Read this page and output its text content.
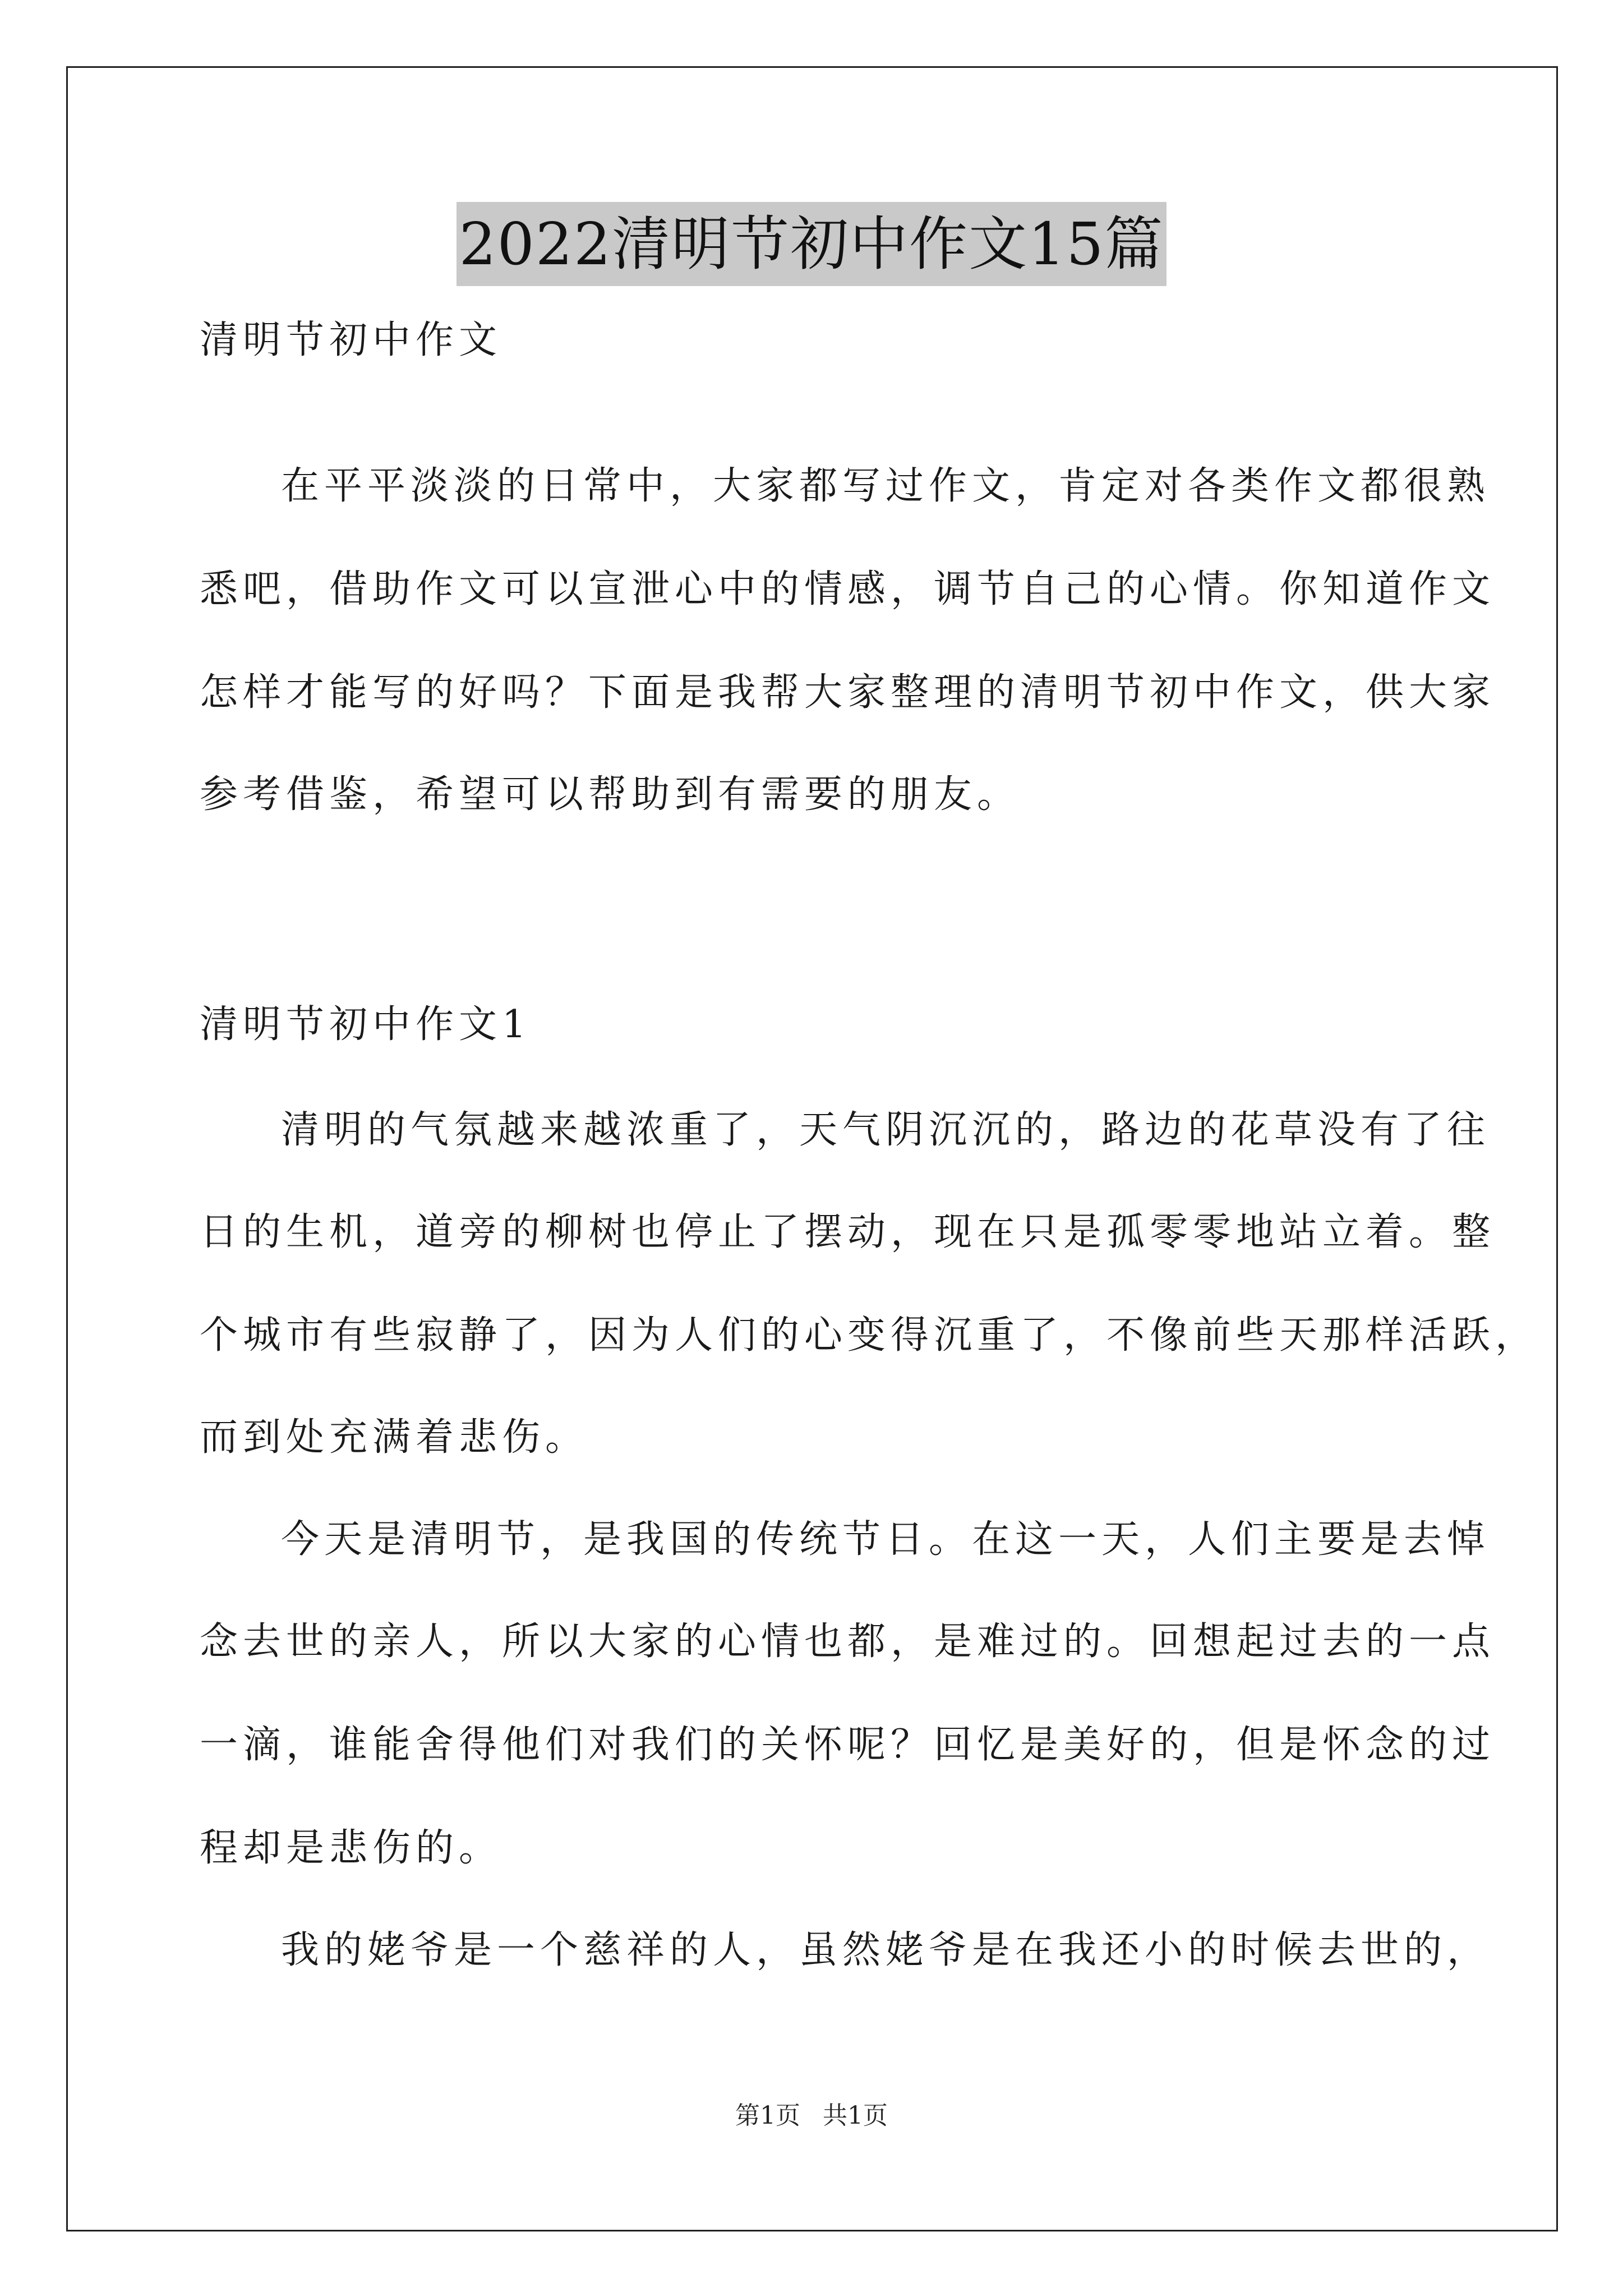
2022清明节初中作文15篇
清明节初中作文
在平平淡淡的日常中，大家都写过作文，肯定对各类作文都很熟
悉吧，借助作文可以宣泄心中的情感，调节自己的心情。你知道作文
怎样才能写的好吗？下面是我帮大家整理的清明节初中作文，供大家
参考借鉴，希望可以帮助到有需要的朋友。
清明节初中作文1
清明的气氛越来越浓重了，天气阴沉沉的，路边的花草没有了往
日的生机，道旁的柳树也停止了摆动，现在只是孤零零地站立着。整
个城市有些寂静了，因为人们的心变得沉重了，不像前些天那样活跃，
而到处充满着悲伤。
今天是清明节，是我国的传统节日。在这一天，人们主要是去悼
念去世的亲人，所以大家的心情也都，是难过的。回想起过去的一点
一滴，谁能舍得他们对我们的关怀呢？回忆是美好的，但是怀念的过
程却是悲伤的。
我的姥爷是一个慈祥的人，虽然姥爷是在我还小的时候去世的，
第1页 共1页
